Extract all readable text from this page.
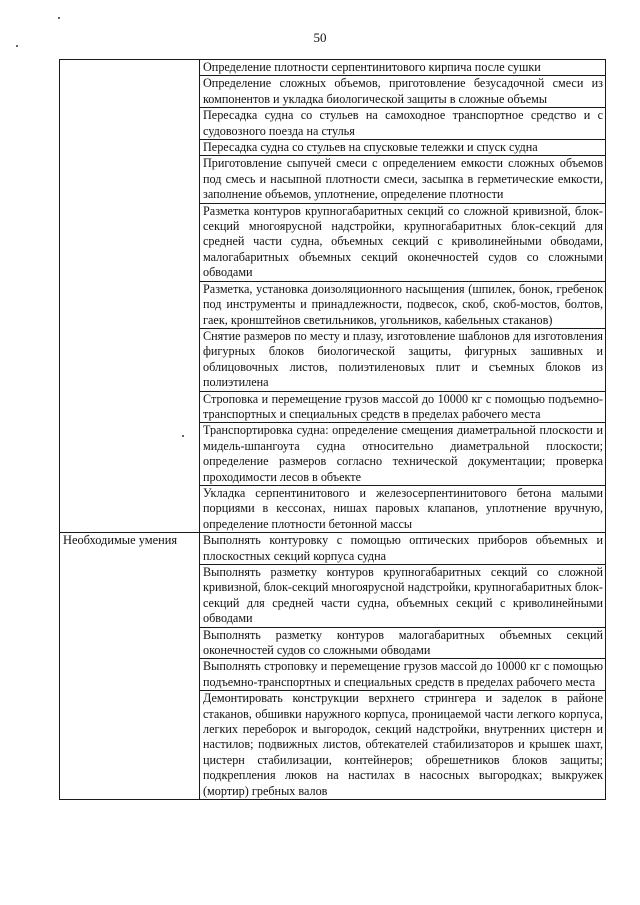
50
	Определение плотности серпентинитового кирпича после сушки
	Определение сложных объемов, приготовление безусадочной смеси из компонентов и укладка биологической защиты в сложные объемы
	Пересадка судна со стульев на самоходное транспортное средство и с судовозного поезда на стулья
	Пересадка судна со стульев на спусковые тележки и спуск судна
	Приготовление сыпучей смеси с определением емкости сложных объемов под смесь и насыпной плотности смеси, засыпка в герметические емкости, заполнение объемов, уплотнение, определение плотности
	Разметка контуров крупногабаритных секций со сложной кривизной, блок-секций многоярусной надстройки, крупногабаритных блок-секций для средней части судна, объемных секций с криволинейными обводами, малогабаритных объемных секций оконечностей судов со сложными обводами
	Разметка, установка доизоляционного насыщения (шпилек, бонок, гребенок под инструменты и принадлежности, подвесок, скоб, скоб-мостов, болтов, гаек, кронштейнов светильников, угольников, кабельных стаканов)
	Снятие размеров по месту и плазу, изготовление шаблонов для изготовления фигурных блоков биологической защиты, фигурных зашивных и облицовочных листов, полиэтиленовых плит и съемных блоков из полиэтилена
	Строповка и перемещение грузов массой до 10000 кг с помощью подъемно-транспортных и специальных средств в пределах рабочего места
	Транспортировка судна: определение смещения диаметральной плоскости и мидель-шпангоута судна относительно диаметральной плоскости; определение размеров согласно технической документации; проверка проходимости лесов в объекте
	Укладка серпентинитового и железосерпентинитового бетона малыми порциями в кессонах, нишах паровых клапанов, уплотнение вручную, определение плотности бетонной массы
Необходимые умения	Выполнять контуровку с помощью оптических приборов объемных и плоскостных секций корпуса судна
	Выполнять разметку контуров крупногабаритных секций со сложной кривизной, блок-секций многоярусной надстройки, крупногабаритных блок-секций для средней части судна, объемных секций с криволинейными обводами
	Выполнять разметку контуров малогабаритных объемных секций оконечностей судов со сложными обводами
	Выполнять строповку и перемещение грузов массой до 10000 кг с помощью подъемно-транспортных и специальных средств в пределах рабочего места
	Демонтировать конструкции верхнего стрингера и заделок в районе стаканов, обшивки наружного корпуса, проницаемой части легкого корпуса, легких переборок и выгородок, секций надстройки, внутренних цистерн и настилов; подвижных листов, обтекателей стабилизаторов и крышек шахт, цистерн стабилизации, контейнеров; обрешетников блоков защиты; подкрепления люков на настилах в насосных выгородках; выкружек (мортир) гребных валов
